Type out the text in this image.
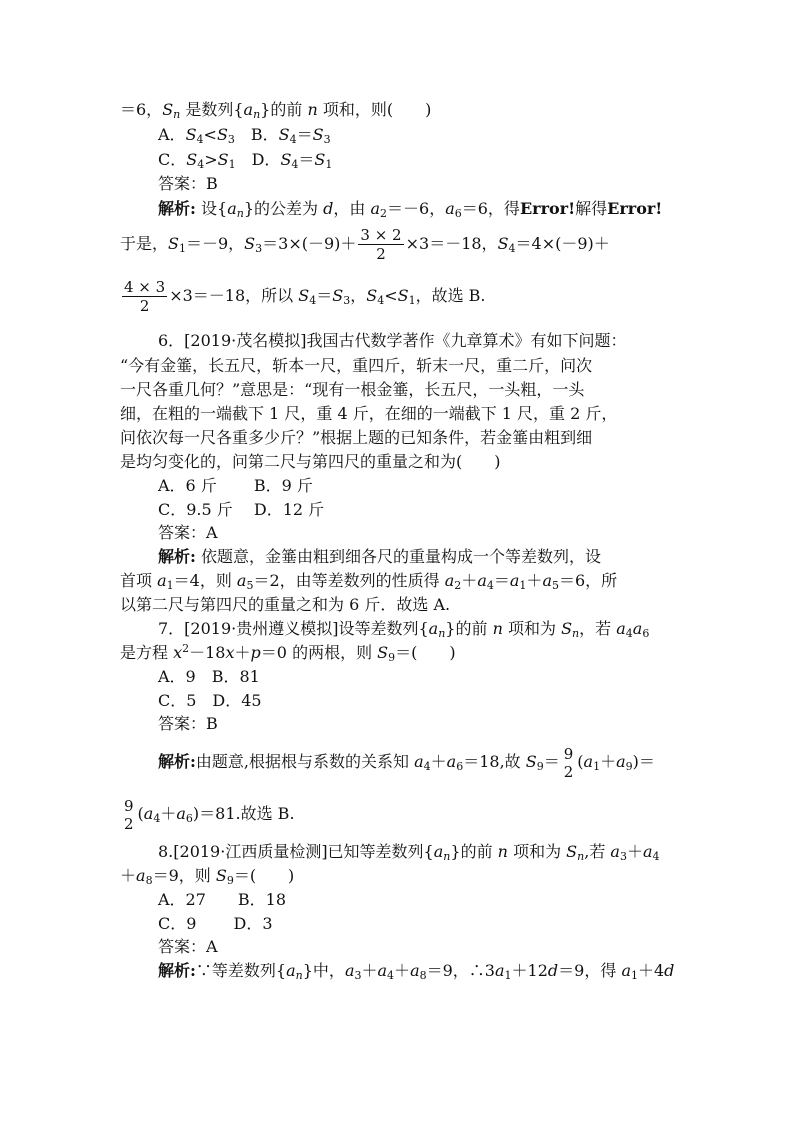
＝6，$S_n$ 是数列$\{a_n\}$的前 n 项和，则(　　)
A．$S_4<S_3$　B．$S_4=S_3$
C．$S_4>S_1$　D．$S_4=S_1$
答案：B
解析: 设$\{a_n\}$的公差为 d，由 $a_2=-6$，$a_6=6$，得Error!解得Error!
于是，$S_1=-9$，$S_3=3\times(-9)+ \frac{3 \times 2}{2} \times 3=-18$，$S_4=4\times(-9)+$
$\frac{4 \times 3}{2} \times 3=-18$，所以 $S_4=S_3$，$S_4<S_1$，故选 B.
6．[2019·茂名模拟]我国古代数学著作《九章算术》有如下问题：
“今有金箠，长五尺，斩本一尺，重四斤，斩末一尺，重二斤，问次
一尺各重几何？”意思是：“现有一根金箠，长五尺，一头粗，一头
细，在粗的一端截下 1 尺，重 4 斤，在细的一端截下 1 尺，重 2 斤，
问依次每一尺各重多少斤？”根据上题的已知条件，若金箠由粗到细
是均匀变化的，问第二尺与第四尺的重量之和为(　　)
A．6 斤　　 B．9 斤
C．9.5 斤　 D．12 斤
答案：A
解析: 依题意，金箠由粗到细各尺的重量构成一个等差数列，设
首项 $a_1=4$，则 $a_5=2$，由等差数列的性质得 $a_2+a_4=a_1+a_5=6$，所
以第二尺与第四尺的重量之和为 6 斤．故选 A.
7．[2019·贵州遵义模拟]设等差数列$\{a_n\}$的前 n 项和为 $S_n$，若 $a_4a_6$
是方程 $x^2-18x+p=0$ 的两根，则 $S_9=$(　　)
A．9　B．81
C．5　D．45
答案：B
解析:由题意,根据根与系数的关系知 $a_4+a_6=18$,故 $S_9= 9$
2
$(a_1+a_9)=$
9
2
$(a_4+a_6)=81$.故选 B.
8.[2019·江西质量检测]已知等差数列$\{a_n\}$的前 n 项和为 $S_n$,若 $a_3+a_4$
$+a_8=9$，则 $S_9=$(　　)
A．27　　B．18
C．9　　 D．3
答案：A
解析:∵等差数列$\{a_n\}$中，$a_3+a_4+a_8=9$，$\therefore 3a_1+12d=9$，得 $a_1+4d$
